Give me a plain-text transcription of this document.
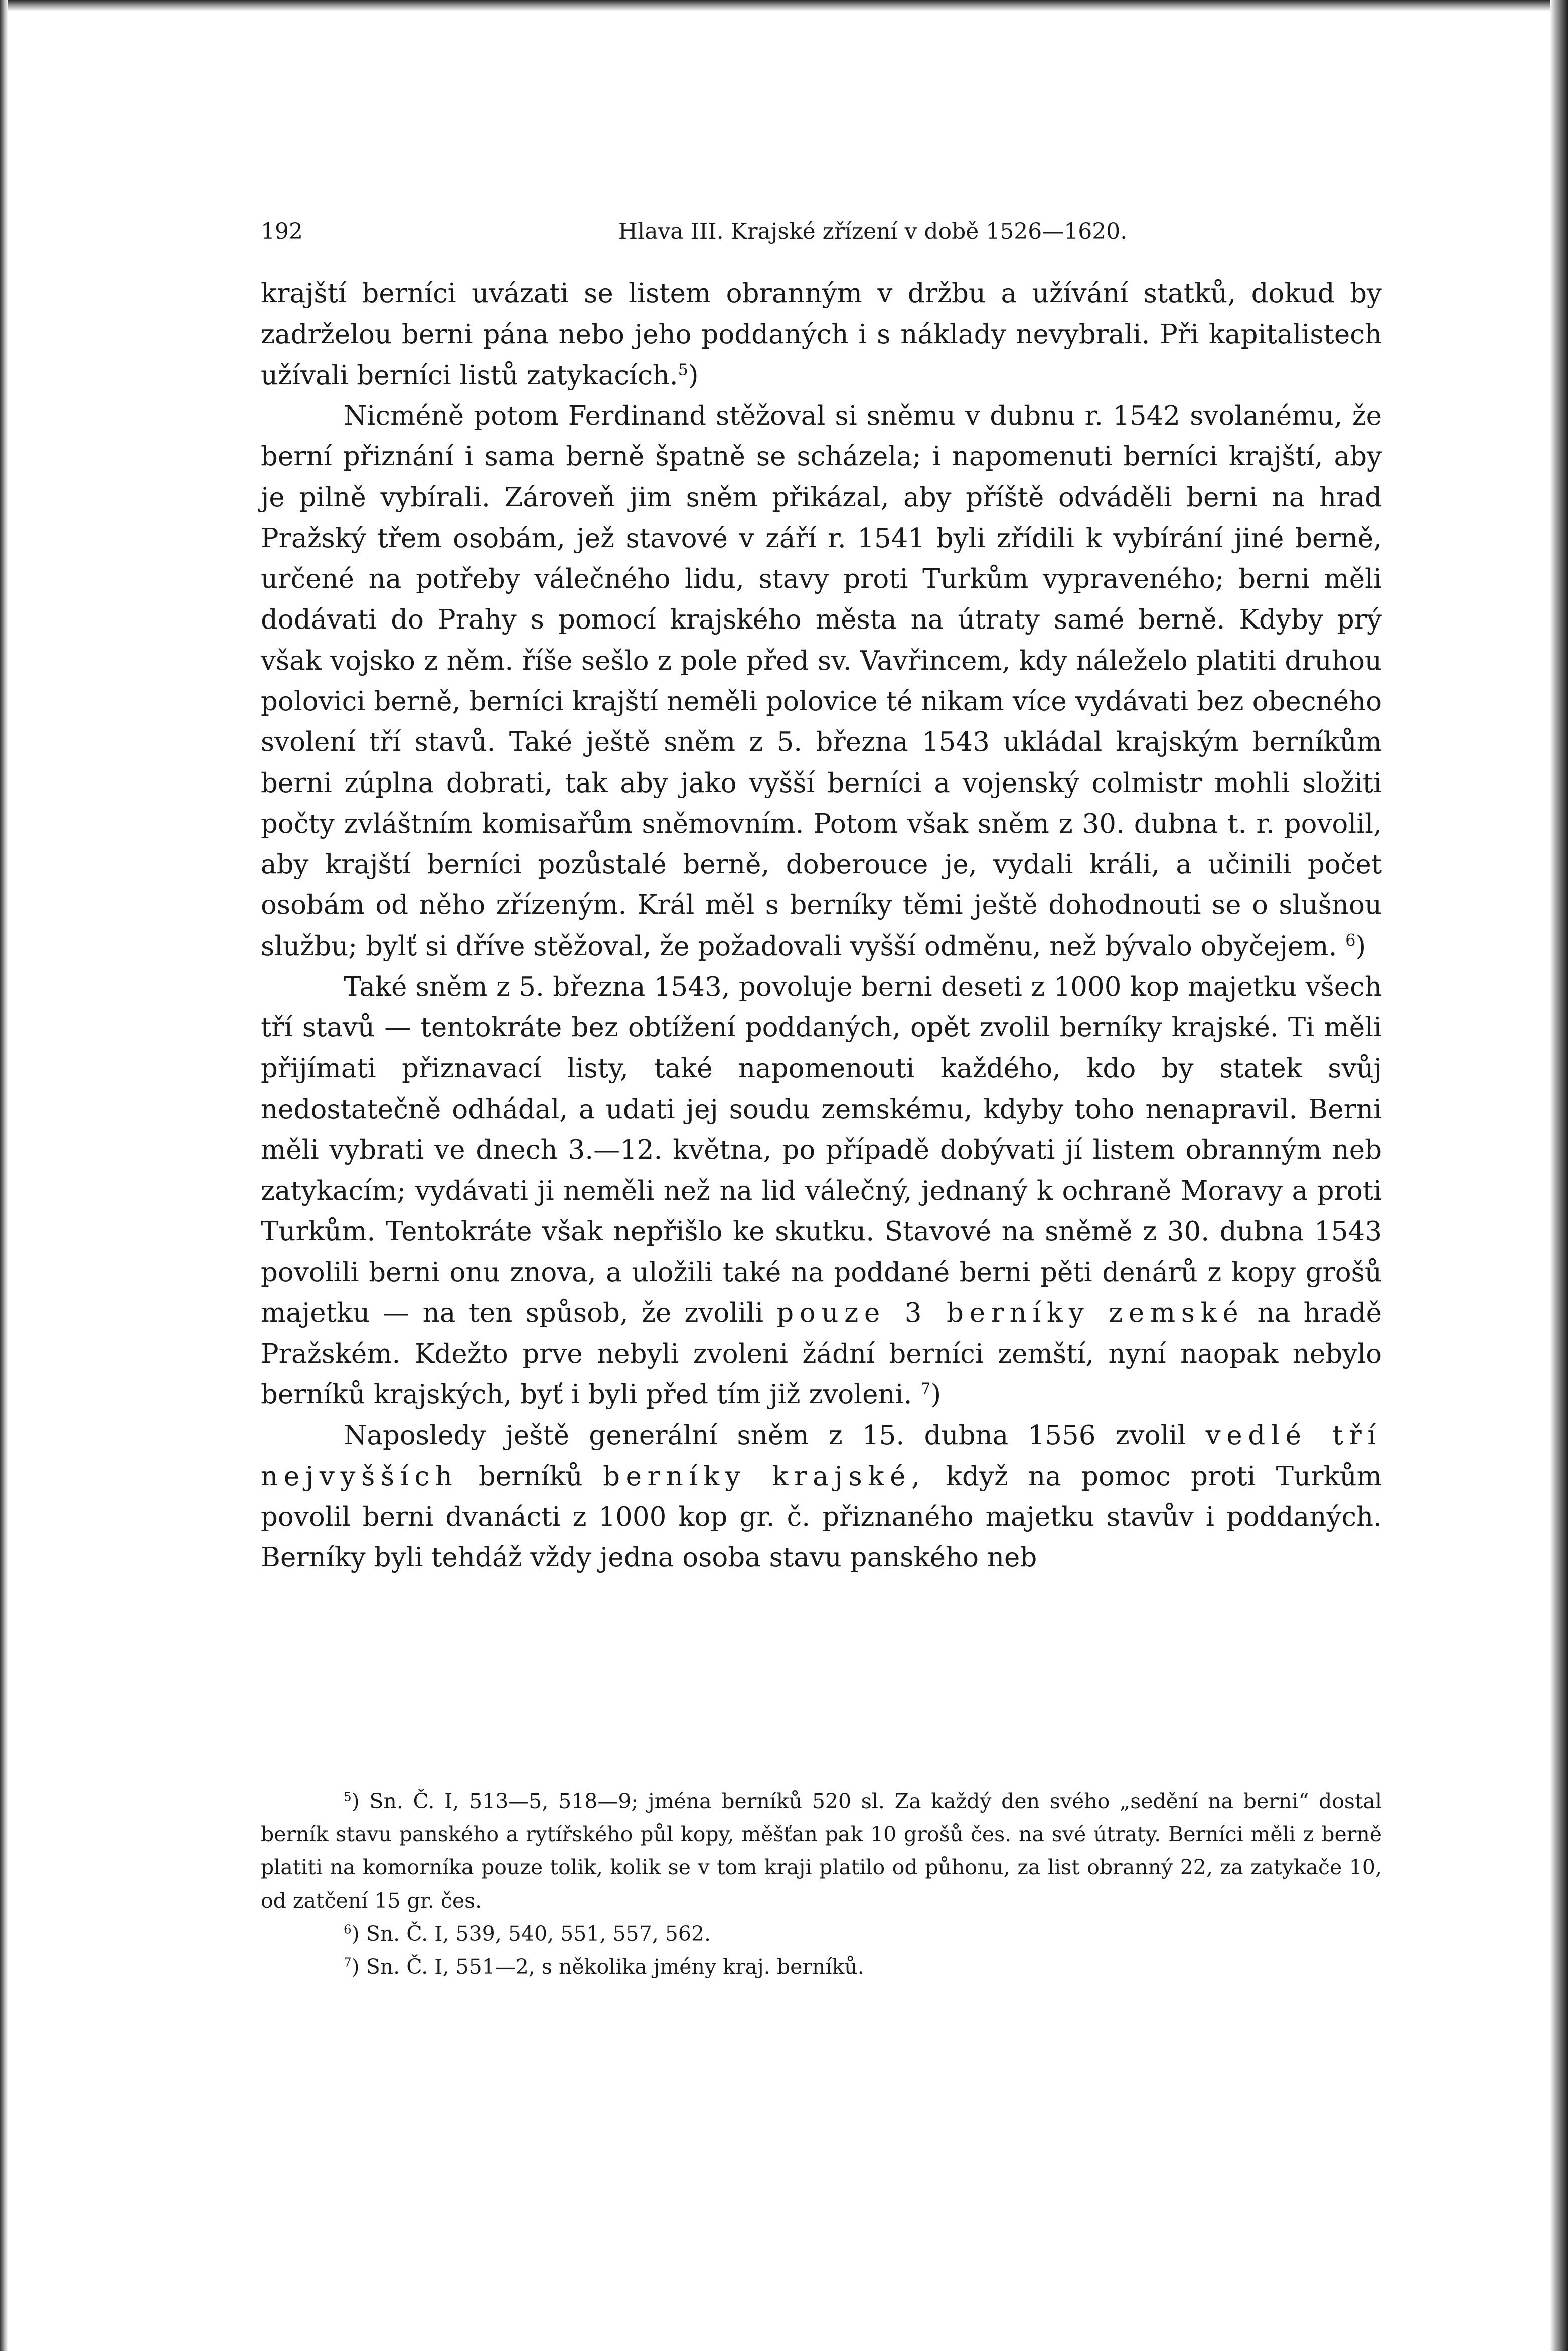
192	Hlava III. Krajské zřízení v době 1526—1620.

krajští berníci uvázati se listem obranným v držbu a užívání statků, dokud by zadrželou berni pána nebo jeho poddaných i s náklady nevybrali. Při kapitalistech užívali berníci listů zatykacích.$^5$)

Nicméně potom Ferdinand stěžoval si sněmu v dubnu r. 1542 svolanému, že berní přiznání i sama berně špatně se scházela; i napomenuti berníci krajští, aby je pilně vybírali. Zároveň jim sněm přikázal, aby příště odváděli berni na hrad Pražský třem osobám, jež stavové v září r. 1541 byli zřídili k vybírání jiné berně, určené na potřeby válečného lidu, stavy proti Turkům vypraveného; berni měli dodávati do Prahy s pomocí krajského města na útraty samé berně. Kdyby prý však vojsko z něm. říše sešlo z pole před sv. Vavřincem, kdy náleželo platiti druhou polovici berně, berníci krajští neměli polovice té nikam více vydávati bez obecného svolení tří stavů. Také ještě sněm z 5. března 1543 ukládal krajským berníkům berni zúplna dobrati, tak aby jako vyšší berníci a vojenský colmistr mohli složiti počty zvláštním komisařům sněmovním. Potom však sněm z 30. dubna t. r. povolil, aby krajští berníci pozůstalé berně, doberouce je, vydali králi, a učinili počet osobám od něho zřízeným. Král měl s berníky těmi ještě dohodnouti se o slušnou službu; bylť si dříve stěžoval, že požadovali vyšší odměnu, než bývalo obyčejem. $^6$)

Také sněm z 5. března 1543, povoluje berni deseti z 1000 kop majetku všech tří stavů — tentokráte bez obtížení poddaných, opět zvolil berníky krajské. Ti měli přijímati přiznavací listy, také napomenouti každého, kdo by statek svůj nedostatečně odhádal, a udati jej soudu zemskému, kdyby toho nenapravil. Berni měli vybrati ve dnech 3.—12. května, po případě dobývati jí listem obranným neb zatykacím; vydávati ji neměli než na lid válečný, jednaný k ochraně Moravy a proti Turkům. Tentokráte však nepřišlo ke skutku. Stavové na sněmě z 30. dubna 1543 povolili berni onu znova, a uložili také na poddané berni pěti denárů z kopy grošů majetku — na ten spůsob, že zvolili pouze 3 berníky zemské na hradě Pražském. Kdežto prve nebyli zvoleni žádní berníci zemští, nyní naopak nebylo berníků krajských, byť i byli před tím již zvoleni. $^7$)

Naposledy ještě generální sněm z 15. dubna 1556 zvolil vedlé tří nejvyšších berníků berníky krajské, když na pomoc proti Turkům povolil berni dvanácti z 1000 kop gr. č. přiznaného majetku stavův i poddaných. Berníky byli tehdáž vždy jedna osoba stavu panského neb

$^5$) Sn. Č. I, 513—5, 518—9; jména berníků 520 sl. Za každý den svého „sedění na berni“ dostal berník stavu panského a rytířského půl kopy, měšťan pak 10 grošů čes. na své útraty. Berníci měli z berně platiti na komorníka pouze tolik, kolik se v tom kraji platilo od půhonu, za list obranný 22, za zatykače 10, od zatčení 15 gr. čes.

$^6$) Sn. Č. I, 539, 540, 551, 557, 562.

$^7$) Sn. Č. I, 551—2, s několika jmény kraj. berníků.
